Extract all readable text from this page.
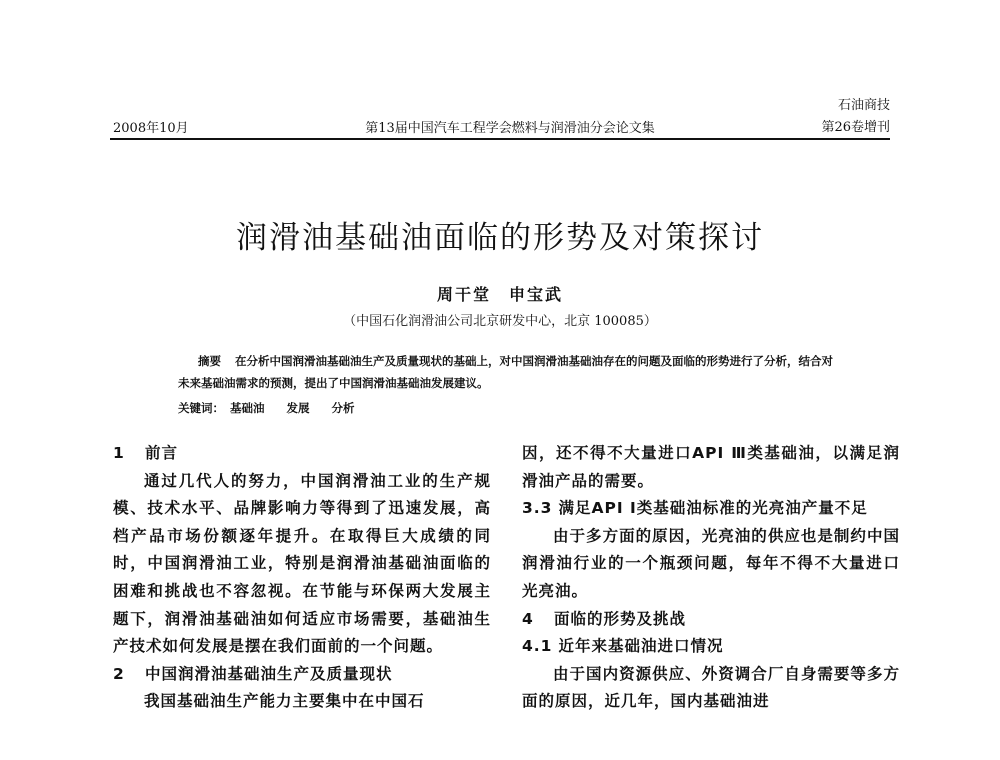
2008年10月	第13届中国汽车工程学会燃料与润滑油分会论文集
石油商技
第26卷增刊
润滑油基础油面临的形势及对策探讨
周干堂　申宝武
（中国石化润滑油公司北京研发中心，北京 100085）
摘要 在分析中国润滑油基础油生产及质量现状的基础上，对中国润滑油基础油存在的问题及面临的形势进行了分析，结合对未来基础油需求的预测，提出了中国润滑油基础油发展建议。
关键词： 基础油 发展 分析
1 前言

通过几代人的努力，中国润滑油工业的生产规模、技术水平、品牌影响力等得到了迅速发展，高档产品市场份额逐年提升。在取得巨大成绩的同时，中国润滑油工业，特别是润滑油基础油面临的困难和挑战也不容忽视。在节能与环保两大发展主题下，润滑油基础油如何适应市场需要，基础油生产技术如何发展是摆在我们面前的一个问题。

2 中国润滑油基础油生产及质量现状

我国基础油生产能力主要集中在中国石

因，还不得不大量进口API Ⅲ类基础油，以满足润滑油产品的需要。

3.3 满足API Ⅰ类基础油标准的光亮油产量不足

由于多方面的原因，光亮油的供应也是制约中国润滑油行业的一个瓶颈问题，每年不得不大量进口光亮油。

4 面临的形势及挑战
4.1 近年来基础油进口情况

由于国内资源供应、外资调合厂自身需要等多方面的原因，近几年，国内基础油进
